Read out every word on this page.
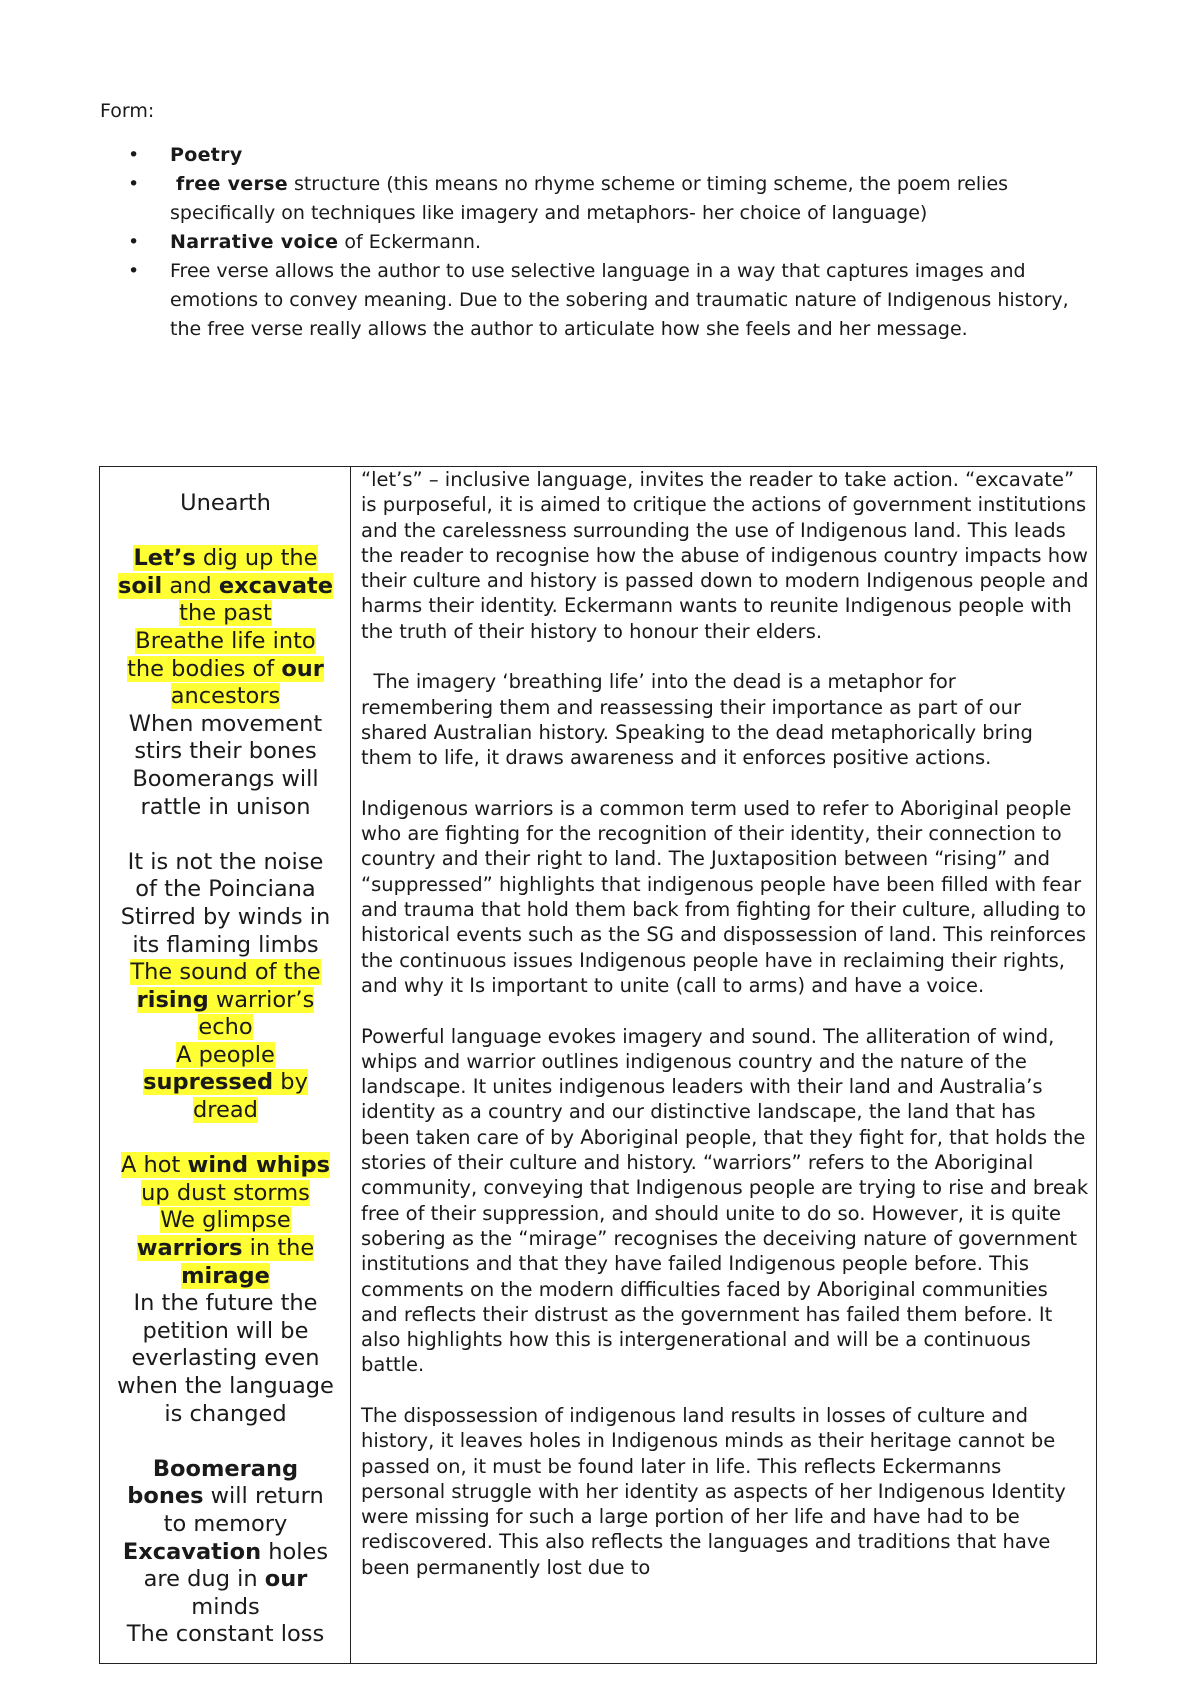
Form:
• Poetry
• free verse structure (this means no rhyme scheme or timing scheme, the poem relies specifically on techniques like imagery and metaphors- her choice of language)
• Narrative voice of Eckermann.
• Free verse allows the author to use selective language in a way that captures images and emotions to convey meaning. Due to the sobering and traumatic nature of Indigenous history, the free verse really allows the author to articulate how she feels and her message.
Unearth
Let’s dig up the
soil and excavate
the past
Breathe life into
the bodies of our
ancestors
When movement
stirs their bones
Boomerangs will
rattle in unison
It is not the noise
of the Poinciana
Stirred by winds in
its flaming limbs
The sound of the
rising warrior’s
echo
A people
supressed by
dread
A hot wind whips
up dust storms
We glimpse
warriors in the
mirage
In the future the
petition will be
everlasting even
when the language
is changed
Boomerang
bones will return
to memory
Excavation holes
are dug in our
minds
The constant loss

“let’s” – inclusive language, invites the reader to take action. “excavate” is purposeful, it is aimed to critique the actions of government institutions and the carelessness surrounding the use of Indigenous land. This leads the reader to recognise how the abuse of indigenous country impacts how their culture and history is passed down to modern Indigenous people and harms their identity. Eckermann wants to reunite Indigenous people with the truth of their history to honour their elders.

The imagery ‘breathing life’ into the dead is a metaphor for remembering them and reassessing their importance as part of our shared Australian history. Speaking to the dead metaphorically bring them to life, it draws awareness and it enforces positive actions.

Indigenous warriors is a common term used to refer to Aboriginal people who are fighting for the recognition of their identity, their connection to country and their right to land. The Juxtaposition between “rising” and “suppressed” highlights that indigenous people have been filled with fear and trauma that hold them back from fighting for their culture, alluding to historical events such as the SG and dispossession of land. This reinforces the continuous issues Indigenous people have in reclaiming their rights, and why it Is important to unite (call to arms) and have a voice.

Powerful language evokes imagery and sound. The alliteration of wind, whips and warrior outlines indigenous country and the nature of the landscape. It unites indigenous leaders with their land and Australia’s identity as a country and our distinctive landscape, the land that has been taken care of by Aboriginal people, that they fight for, that holds the stories of their culture and history. “warriors” refers to the Aboriginal community, conveying that Indigenous people are trying to rise and break free of their suppression, and should unite to do so. However, it is quite sobering as the “mirage” recognises the deceiving nature of government institutions and that they have failed Indigenous people before. This comments on the modern difficulties faced by Aboriginal communities and reflects their distrust as the government has failed them before. It also highlights how this is intergenerational and will be a continuous battle.

The dispossession of indigenous land results in losses of culture and history, it leaves holes in Indigenous minds as their heritage cannot be passed on, it must be found later in life. This reflects Eckermanns personal struggle with her identity as aspects of her Indigenous Identity were missing for such a large portion of her life and have had to be rediscovered. This also reflects the languages and traditions that have been permanently lost due to
